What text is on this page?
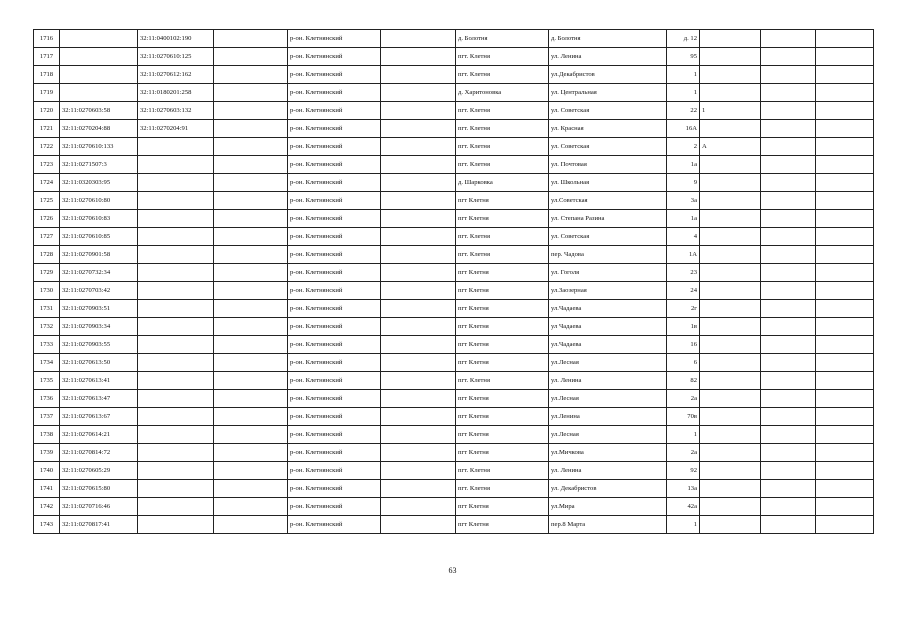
1716		32:11:0400102:190		р-он. Клетнянский		д. Болотня	д. Болотня	д. 12			
1717		32:11:0270610:125		р-он. Клетнянский		пгт. Клетня	ул. Ленина	95			
1718		32:11:0270612:162		р-он. Клетнянский		пгт. Клетня	ул.Декабристов	1			
1719		32:11:0180201:258		р-он. Клетнянский		д. Харитоновка	ул. Центральная	1			
1720	32:11:0270603:58	32:11:0270603:132		р-он. Клетнянский		пгт. Клетня	ул. Советская	22	1		
1721	32:11:0270204:88	32:11:0270204:91		р-он. Клетнянский		пгт. Клетня	ул. Красная	16А			
1722	32:11:0270610:133			р-он. Клетнянский		пгт. Клетня	ул. Советская	2	А		
1723	32:11:0271507:3			р-он. Клетнянский		пгт. Клетня	ул. Почтовая	1а			
1724	32:11:0320303:95			р-он. Клетнянский		д. Шарковка	ул. Школьная	9			
1725	32:11:0270610:80			р-он. Клетнянский		пгт Клетня	ул.Советская	3а			
1726	32:11:0270610:83			р-он. Клетнянский		пгт Клетня	ул. Степана Разина	1а			
1727	32:11:0270610:85			р-он. Клетнянский		пгт. Клетня	ул. Советская	4			
1728	32:11:0270901:58			р-он. Клетнянский		пгт. Клетня	пер. Чадова	1А			
1729	32:11:0270732:34			р-он. Клетнянский		пгт Клетня	ул. Гоголя	23			
1730	32:11:0270703:42			р-он. Клетнянский		пгт Клетня	ул.Заозерная	24			
1731	32:11:0270903:51			р-он. Клетнянский		пгт Клетня	ул.Чадаева	2г			
1732	32:11:0270903:34			р-он. Клетнянский		пгт Клетня	ул Чадаева	1в			
1733	32:11:0270903:55			р-он. Клетнянский		пгт Клетня	ул.Чадаева	16			
1734	32:11:0270613:50			р-он. Клетнянский		пгт Клетня	ул.Лесная	6			
1735	32:11:0270613:41			р-он. Клетнянский		пгт. Клетня	ул. Ленина	82			
1736	32:11:0270613:47			р-он. Клетнянский		пгт Клетня	ул.Лесная	2а			
1737	32:11:0270613:67			р-он. Клетнянский		пгт Клетня	ул.Ленина	70в			
1738	32:11:0270614:21			р-он. Клетнянский		пгт Клетня	ул.Лесная	1			
1739	32:11:0270814:72			р-он. Клетнянский		пгт Клетня	ул.Мичкова	2а			
1740	32:11:0270605:29			р-он. Клетнянский		пгт. Клетня	ул. Ленина	92			
1741	32:11:0270615:80			р-он. Клетнянский		пгт. Клетня	ул. Декабристов	13а			
1742	32:11:0270716:46			р-он. Клетнянский		пгт Клетня	ул.Мира	42а			
1743	32:11:0270817:41			р-он. Клетнянский		пгт Клетня	пер.8 Марта	1			
63
